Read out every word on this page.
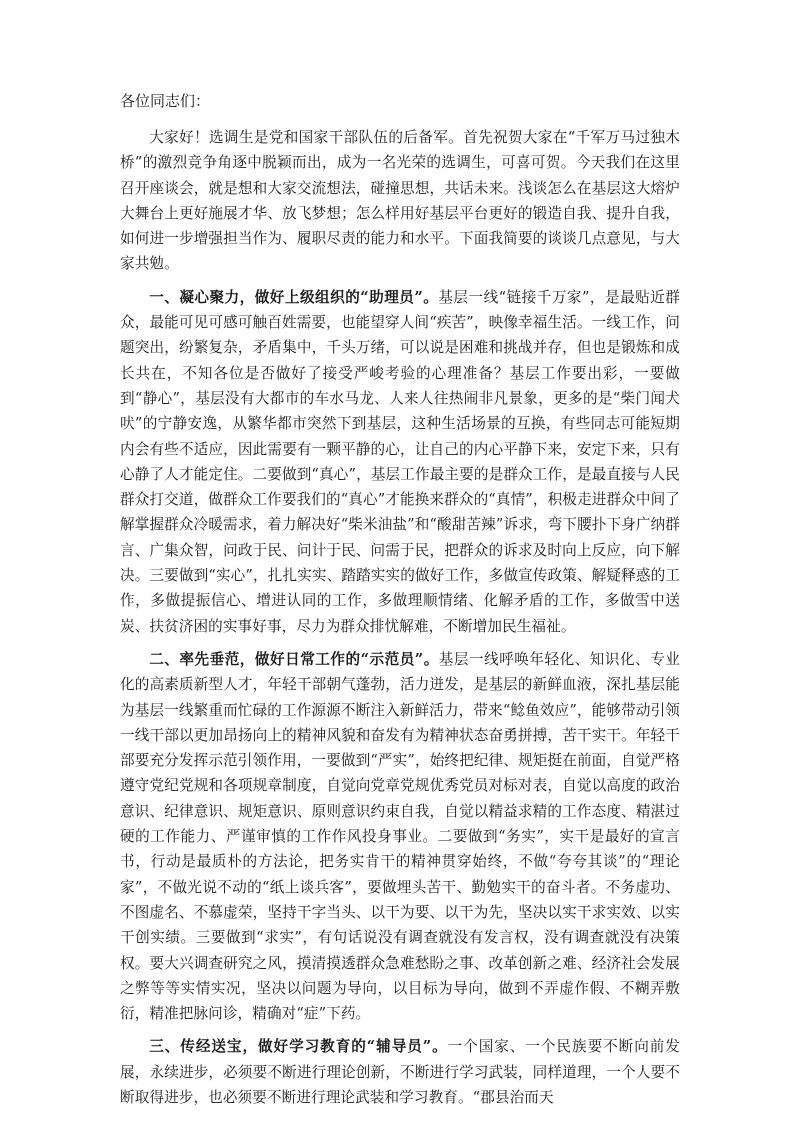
各位同志们：

大家好！选调生是党和国家干部队伍的后备军。首先祝贺大家在“千军万马过独木桥”的激烈竞争角逐中脱颖而出，成为一名光荣的选调生，可喜可贺。今天我们在这里召开座谈会，就是想和大家交流想法，碰撞思想，共话未来。浅谈怎么在基层这大熔炉大舞台上更好施展才华、放飞梦想；怎么样用好基层平台更好的锻造自我、提升自我，如何进一步增强担当作为、履职尽责的能力和水平。下面我简要的谈谈几点意见，与大家共勉。

一、凝心聚力，做好上级组织的“助理员”。基层一线“链接千万家”，是最贴近群众，最能可见可感可触百姓需要，也能望穿人间“疾苦”，映像幸福生活。一线工作，问题突出，纷繁复杂，矛盾集中，千头万绪，可以说是困难和挑战并存，但也是锻炼和成长共在，不知各位是否做好了接受严峻考验的心理准备？基层工作要出彩，一要做到“静心”，基层没有大都市的车水马龙、人来人往热闹非凡景象，更多的是“柴门闻犬吠”的宁静安逸，从繁华都市突然下到基层，这种生活场景的互换，有些同志可能短期内会有些不适应，因此需要有一颗平静的心，让自己的内心平静下来，安定下来，只有心静了人才能定住。二要做到“真心”，基层工作最主要的是群众工作，是最直接与人民群众打交道，做群众工作要我们的“真心”才能换来群众的“真情”，积极走进群众中间了解掌握群众冷暖需求，着力解决好“柴米油盐”和“酸甜苦辣”诉求，弯下腰扑下身广纳群言、广集众智，问政于民、问计于民、问需于民，把群众的诉求及时向上反应，向下解决。三要做到“实心”，扎扎实实、踏踏实实的做好工作，多做宣传政策、解疑释惑的工作，多做提振信心、增进认同的工作，多做理顺情绪、化解矛盾的工作，多做雪中送炭、扶贫济困的实事好事，尽力为群众排忧解难，不断增加民生福祉。

二、率先垂范，做好日常工作的“示范员”。基层一线呼唤年轻化、知识化、专业化的高素质新型人才，年轻干部朝气蓬勃，活力迸发，是基层的新鲜血液，深扎基层能为基层一线繁重而忙碌的工作源源不断注入新鲜活力，带来“鲶鱼效应”，能够带动引领一线干部以更加昂扬向上的精神风貌和奋发有为精神状态奋勇拼搏，苦干实干。年轻干部要充分发挥示范引领作用，一要做到“严实”，始终把纪律、规矩挺在前面，自觉严格遵守党纪党规和各项规章制度，自觉向党章党规优秀党员对标对表，自觉以高度的政治意识、纪律意识、规矩意识、原则意识约束自我，自觉以精益求精的工作态度、精湛过硬的工作能力、严谨审慎的工作作风投身事业。二要做到“务实”，实干是最好的宣言书，行动是最质朴的方法论，把务实肯干的精神贯穿始终，不做“夸夸其谈”的“理论家”，不做光说不动的“纸上谈兵客”，要做埋头苦干、勤勉实干的奋斗者。不务虚功、不图虚名、不慕虚荣，坚持干字当头、以干为要、以干为先，坚决以实干求实效、以实干创实绩。三要做到“求实”，有句话说没有调查就没有发言权，没有调查就没有决策权。要大兴调查研究之风，摸清摸透群众急难愁盼之事、改革创新之难、经济社会发展之弊等等实情实况，坚决以问题为导向，以目标为导向，做到不弄虚作假、不糊弄敷衍，精准把脉问诊，精确对“症”下药。

三、传经送宝，做好学习教育的“辅导员”。一个国家、一个民族要不断向前发展，永续进步，必须要不断进行理论创新，不断进行学习武装，同样道理，一个人要不断取得进步，也必须要不断进行理论武装和学习教育。“郡县治而天
